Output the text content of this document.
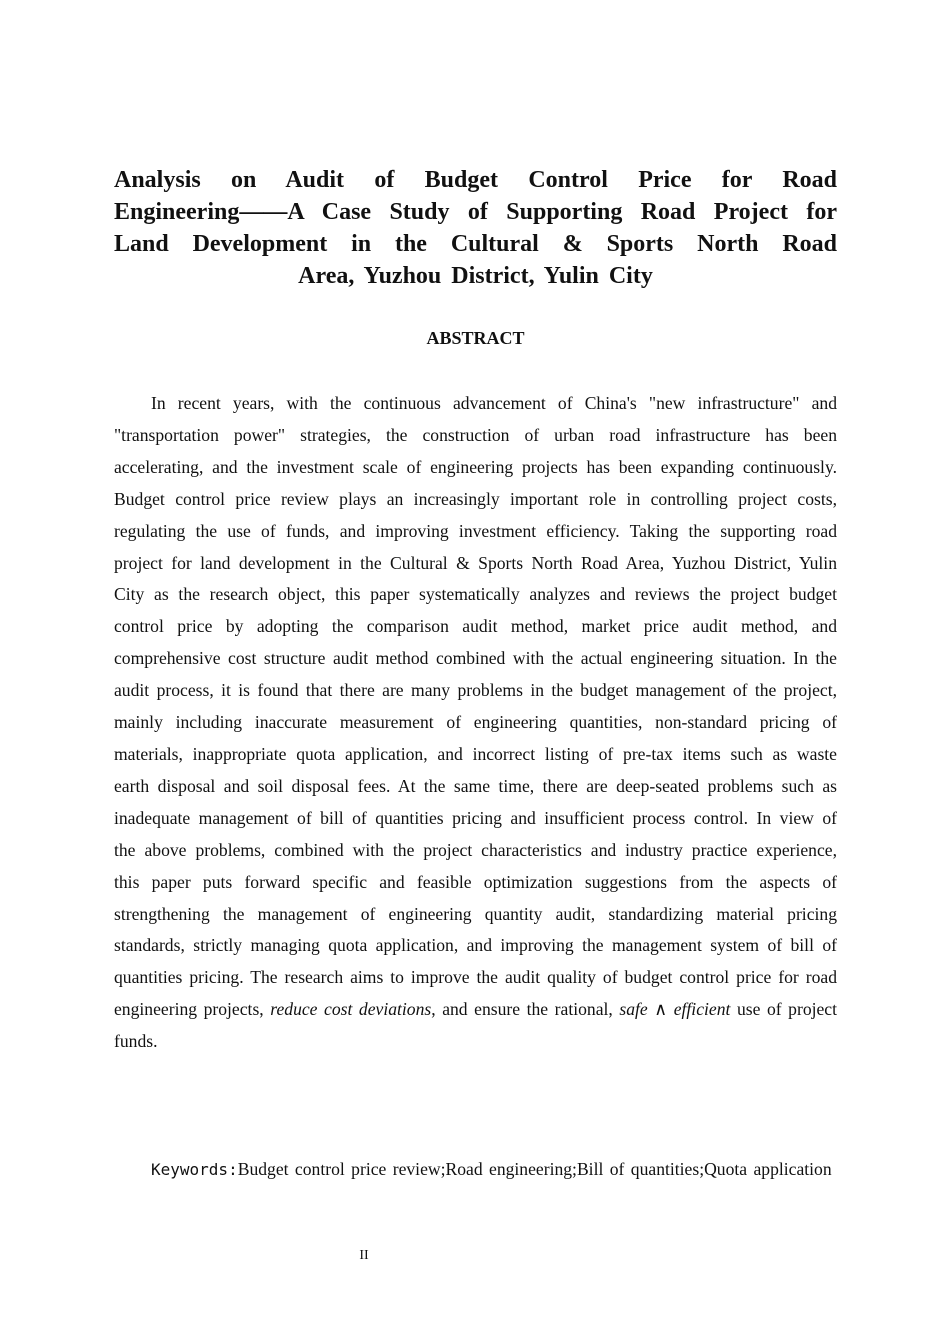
Analysis on Audit of Budget Control Price for Road
Engineering——A Case Study of Supporting Road Project for
Land Development in the Cultural & Sports North Road
Area, Yuzhou District, Yulin City
ABSTRACT

In recent years, with the continuous advancement of China's "new infrastructure" and "transportation power" strategies, the construction of urban road infrastructure has been accelerating, and the investment scale of engineering projects has been expanding continuously. Budget control price review plays an increasingly important role in controlling project costs, regulating the use of funds, and improving investment efficiency. Taking the supporting road project for land development in the Cultural & Sports North Road Area, Yuzhou District, Yulin City as the research object, this paper systematically analyzes and reviews the project budget control price by adopting the comparison audit method, market price audit method, and comprehensive cost structure audit method combined with the actual engineering situation. In the audit process, it is found that there are many problems in the budget management of the project, mainly including inaccurate measurement of engineering quantities, non-standard pricing of materials, inappropriate quota application, and incorrect listing of pre-tax items such as waste earth disposal and soil disposal fees. At the same time, there are deep-seated problems such as inadequate management of bill of quantities pricing and insufficient process control. In view of the above problems, combined with the project characteristics and industry practice experience, this paper puts forward specific and feasible optimization suggestions from the aspects of strengthening the management of engineering quantity audit, standardizing material pricing standards, strictly managing quota application, and improving the management system of bill of quantities pricing. The research aims to improve the audit quality of budget control price for road engineering projects, reduce cost deviations, and ensure the rational, safe ∧ efficient use of project funds.

Keywords:Budget control price review;Road engineering;Bill of quantities;Quota application

II
